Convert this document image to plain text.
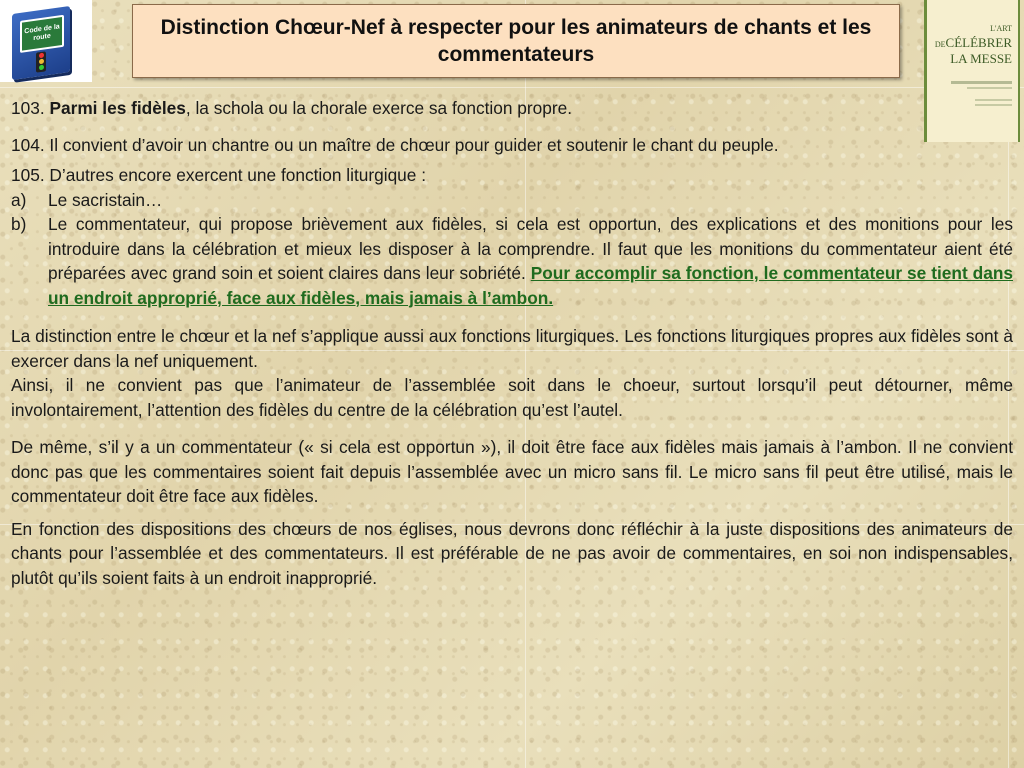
Code de la route	Distinction Chœur-Nef à respecter pour les animateurs de chants et les commentateurs
L'ART
DECÉLÉBRER
LA MESSE

103. Parmi les fidèles, la schola ou la chorale exerce sa fonction propre.

104. Il convient d’avoir un chantre ou un maître de chœur pour guider et soutenir le chant du peuple.

105. D’autres encore exercent une fonction liturgique :

a)	Le sacristain…
b)	Le commentateur, qui propose brièvement aux fidèles, si cela est opportun, des explications et des monitions pour les introduire dans la célébration et mieux les disposer à la comprendre. Il faut que les monitions du commentateur aient été préparées avec grand soin et soient claires dans leur sobriété. Pour accomplir sa fonction, le commentateur se tient dans un endroit approprié, face aux fidèles, mais jamais à l’ambon.

La distinction entre le chœur et la nef s’applique aussi aux fonctions liturgiques. Les fonctions liturgiques propres aux fidèles sont à exercer dans la nef uniquement.

Ainsi, il ne convient pas que l’animateur de l’assemblée soit dans le choeur, surtout lorsqu’il peut détourner, même involontairement, l’attention des fidèles du centre de la célébration qu’est l’autel.

De même, s’il y a un commentateur (« si cela est opportun »), il doit être face aux fidèles mais jamais à l’ambon. Il ne convient donc pas que les commentaires soient fait depuis l’assemblée avec un micro sans fil. Le micro sans fil peut être utilisé, mais le commentateur doit être face aux fidèles.

En fonction des dispositions des chœurs de nos églises, nous devrons donc réfléchir à la juste dispositions des animateurs de chants pour l’assemblée et des commentateurs. Il est préférable de ne pas avoir de commentaires, en soi non indispensables, plutôt qu’ils soient faits à un endroit inapproprié.
